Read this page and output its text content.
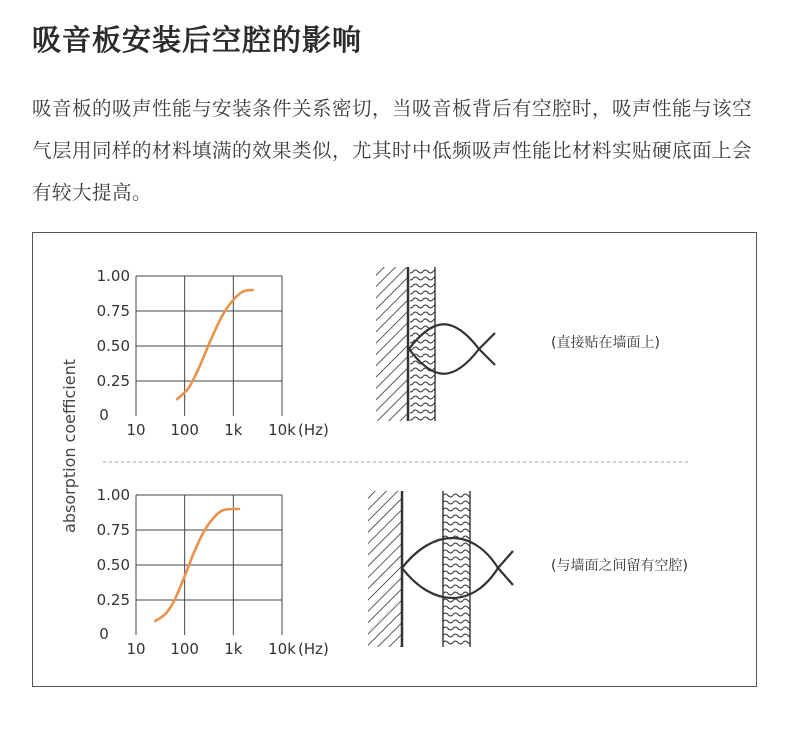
吸音板安装后空腔的影响
吸音板的吸声性能与安装条件关系密切，当吸音板背后有空腔时，吸声性能与该空气层用同样的材料填满的效果类似，尤其时中低频吸声性能比材料实贴硬底面上会有较大提高。
absorption coefficient	10 100 1k 10k (Hz)
0
0.25
0.50
0.75
1.00
10 100 1k 10k (Hz)
0
0.25
0.50
0.75
1.00
(直接贴在墙面上)
(与墙面之间留有空腔)
